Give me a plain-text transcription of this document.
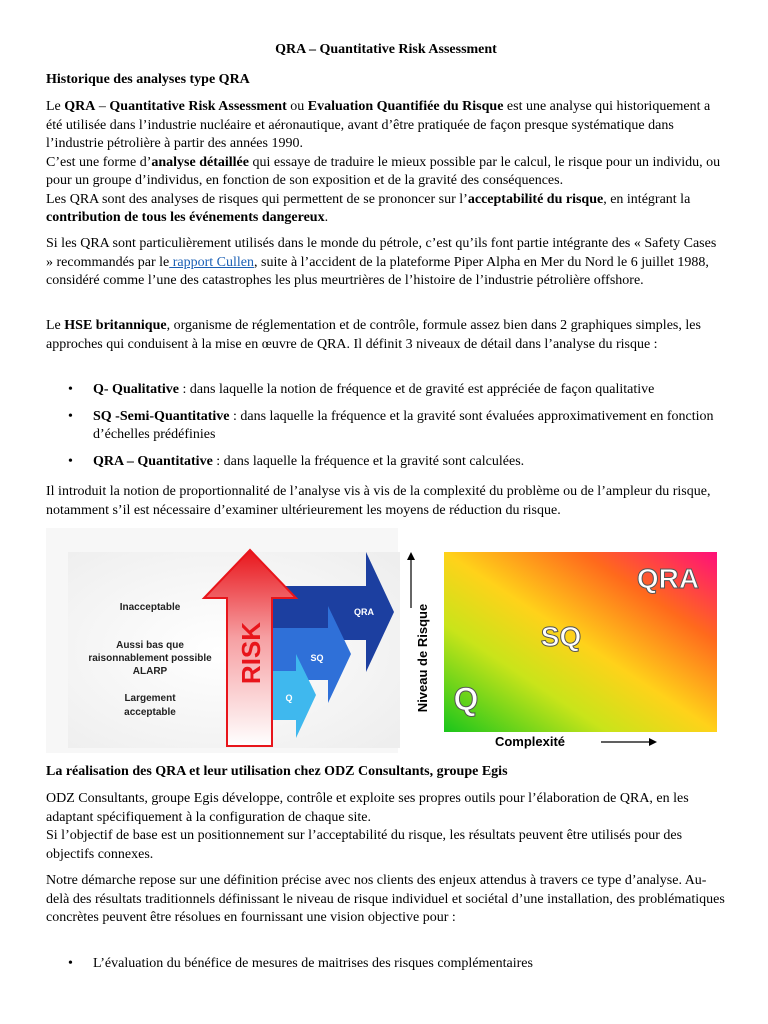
QRA – Quantitative Risk Assessment
Historique des analyses type QRA
Le QRA – Quantitative Risk Assessment ou Evaluation Quantifiée du Risque est une analyse qui historiquement a été utilisée dans l’industrie nucléaire et aéronautique, avant d’être pratiquée de façon presque systématique dans l’industrie pétrolière à partir des années 1990.
C’est une forme d’analyse détaillée qui essaye de traduire le mieux possible par le calcul, le risque pour un individu, ou pour un groupe d’individus, en fonction de son exposition et de la gravité des conséquences.
Les QRA sont des analyses de risques qui permettent de se prononcer sur l’acceptabilité du risque, en intégrant la contribution de tous les événements dangereux.
Si les QRA sont particulièrement utilisés dans le monde du pétrole, c’est qu’ils font partie intégrante des « Safety Cases » recommandés par le rapport Cullen, suite à l’accident de la plateforme Piper Alpha en Mer du Nord le 6 juillet 1988, considéré comme l’une des catastrophes les plus meurtrières de l’histoire de l’industrie pétrolière offshore.
Le HSE britannique, organisme de réglementation et de contrôle, formule assez bien dans 2 graphiques simples, les approches qui conduisent à la mise en œuvre de QRA. Il définit 3 niveaux de détail dans l’analyse du risque :
• Q- Qualitative : dans laquelle la notion de fréquence et de gravité est appréciée de façon qualitative
• SQ -Semi-Quantitative : dans laquelle la fréquence et la gravité sont évaluées approximativement en fonction d’échelles prédéfinies
• QRA – Quantitative : dans laquelle la fréquence et la gravité sont calculées.
Il introduit la notion de proportionnalité de l’analyse vis à vis de la complexité du problème ou de l’ampleur du risque, notamment s’il est nécessaire d’examiner ultérieurement les moyens de réduction du risque.
La réalisation des QRA et leur utilisation chez ODZ Consultants, groupe Egis
ODZ Consultants, groupe Egis développe, contrôle et exploite ses propres outils pour l’élaboration de QRA, en les adaptant spécifiquement à la configuration de chaque site.
Si l’objectif de base est un positionnement sur l’acceptabilité du risque, les résultats peuvent être utilisés pour des objectifs connexes.
Notre démarche repose sur une définition précise avec nos clients des enjeux attendus à travers ce type d’analyse. Au-delà des résultats traditionnels définissant le niveau de risque individuel et sociétal d’une installation, des problématiques concrètes peuvent être résolues en fournissant une vision objective pour :
• L’évaluation du bénéfice de mesures de maitrises des risques complémentaires
Inacceptable
Aussi bas que
raisonnablement possible
ALARP
Largement
acceptable
QRA
SQ
Q
RISK	Niveau de Risque
Complexité
QRA
SQ
Q
